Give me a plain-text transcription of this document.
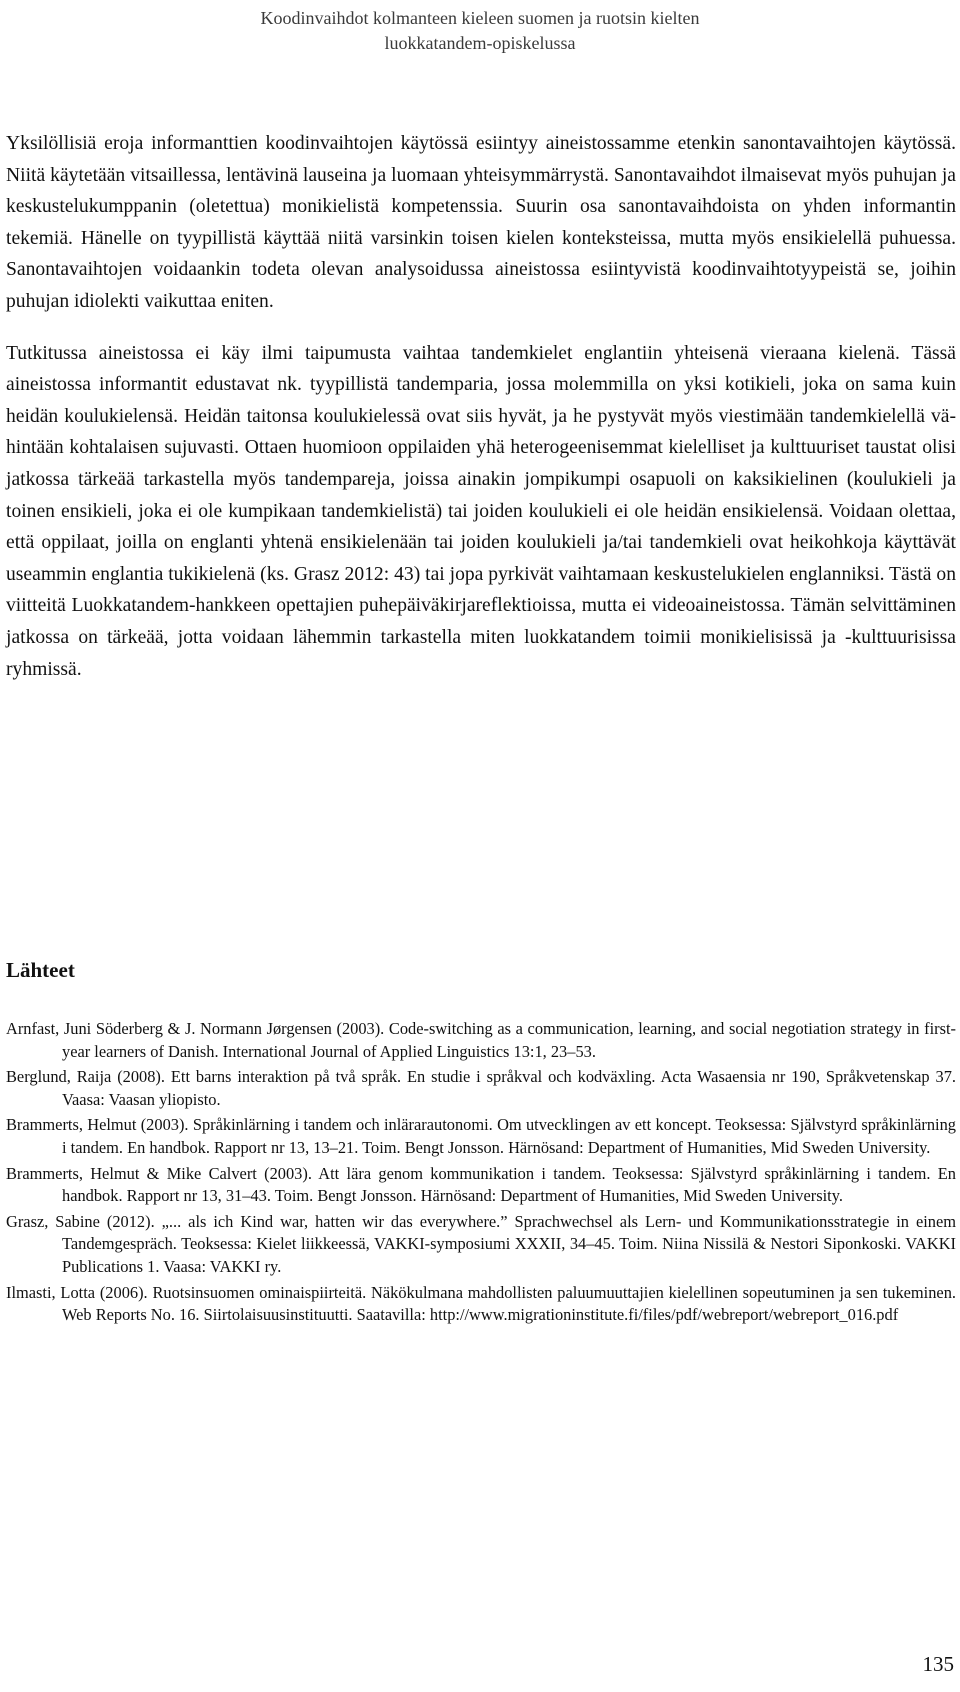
Koodinvaihdot kolmanteen kieleen suomen ja ruotsin kielten
luokkatandem-opiskelussa

Yksilöllisiä eroja informanttien koodinvaihtojen käytössä esiintyy aineistossamme etenkin sanontavaihtojen käytössä. Niitä käytetään vitsaillessa, lentävinä lauseina ja luomaan yhteisymmärrystä. Sanontavaihdot ilmaisevat myös puhujan ja keskustelukumppanin (oletettua) monikielistä kompetenssia. Suurin osa sanontavaihdoista on yhden informantin tekemiä. Hänelle on tyypillistä käyttää niitä varsinkin toisen kielen konteksteissa, mutta myös ensikielellä puhuessa. Sanontavaihtojen voidaankin todeta olevan analysoidussa aineistossa esiintyvistä koodinvaihtotyypeistä se, joihin puhujan idiolekti vaikuttaa eniten.

Tutkitussa aineistossa ei käy ilmi taipumusta vaihtaa tandemkielet englantiin yhteisenä vieraana kielenä. Tässä aineistossa informantit edustavat nk. tyypillistä tandemparia, jossa molemmilla on yksi kotikieli, joka on sama kuin heidän koulukielensä. Heidän taitonsa koulukielessä ovat siis hyvät, ja he pystyvät myös viestimään tandemkielellä vähintään kohtalaisen sujuvasti. Ottaen huomioon oppilaiden yhä heterogeenisemmat kielelliset ja kulttuuriset taustat olisi jatkossa tärkeää tarkastella myös tandempareja, joissa ainakin jompikumpi osapuoli on kaksikielinen (koulukieli ja toinen ensikieli, joka ei ole kumpikaan tandemkielistä) tai joiden koulukieli ei ole heidän ensikielensä. Voidaan olettaa, että oppilaat, joilla on englanti yhtenä ensikielenään tai joiden koulukieli ja/tai tandemkieli ovat heikohkoja käyttävät useammin englantia tukikielenä (ks. Grasz 2012: 43) tai jopa pyrkivät vaihtamaan keskustelukielen englanniksi. Tästä on viitteitä Luokkatandem-hankkeen opettajien puhepäiväkirjareflektioissa, mutta ei videoaineistossa. Tämän selvittäminen jatkossa on tärkeää, jotta voidaan lähemmin tarkastella miten luokkatandem toimii monikielisissä ja -kulttuurisissa ryhmissä.

Lähteet
Arnfast, Juni Söderberg & J. Normann Jørgensen (2003). Code-switching as a communication, learning, and social negotiation strategy in first-year learners of Danish. International Journal of Applied Linguistics 13:1, 23–53.
Berglund, Raija (2008). Ett barns interaktion på två språk. En studie i språkval och kodväxling. Acta Wasaensia nr 190, Språkvetenskap 37. Vaasa: Vaasan yliopisto.
Brammerts, Helmut (2003). Språkinlärning i tandem och inlärarautonomi. Om utvecklingen av ett koncept. Teoksessa: Självstyrd språkinlärning i tandem. En handbok. Rapport nr 13, 13–21. Toim. Bengt Jonsson. Härnösand: Department of Humanities, Mid Sweden University.
Brammerts, Helmut & Mike Calvert (2003). Att lära genom kommunikation i tandem. Teoksessa: Självstyrd språkinlärning i tandem. En handbok. Rapport nr 13, 31–43. Toim. Bengt Jonsson. Härnösand: Department of Humanities, Mid Sweden University.
Grasz, Sabine (2012). „... als ich Kind war, hatten wir das everywhere.” Sprachwechsel als Lern- und Kommunikationsstrategie in einem Tandemgespräch. Teoksessa: Kielet liikkeessä, VAKKI-symposiumi XXXII, 34–45. Toim. Niina Nissilä & Nestori Siponkoski. VAKKI Publications 1. Vaasa: VAKKI ry.
Ilmasti, Lotta (2006). Ruotsinsuomen ominaispiirteitä. Näkökulmana mahdollisten paluumuuttajien kielellinen sopeutuminen ja sen tukeminen. Web Reports No. 16. Siirtolaisuusinstituutti. Saatavilla: http://www.migrationinstitute.fi/files/pdf/webreport/webreport_016.pdf
135
